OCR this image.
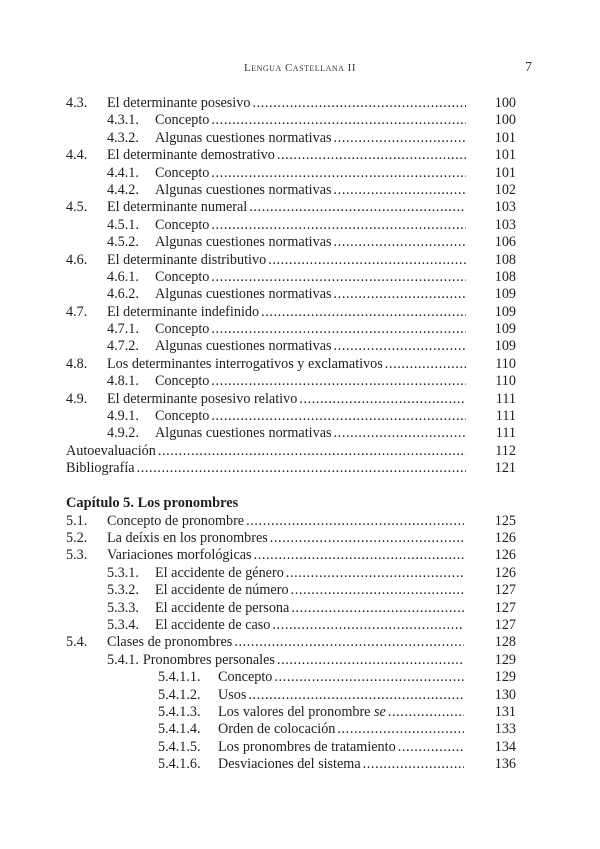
Lengua Castellana II	7
4.3.	El determinante posesivo .....	100
4.3.1.	Concepto .....	100
4.3.2.	Algunas cuestiones normativas .....	101
4.4.	El determinante demostrativo .....	101
4.4.1.	Concepto .....	101
4.4.2.	Algunas cuestiones normativas .....	102
4.5.	El determinante numeral .....	103
4.5.1.	Concepto .....	103
4.5.2.	Algunas cuestiones normativas .....	106
4.6.	El determinante distributivo .....	108
4.6.1.	Concepto .....	108
4.6.2.	Algunas cuestiones normativas .....	109
4.7.	El determinante indefinido .....	109
4.7.1.	Concepto .....	109
4.7.2.	Algunas cuestiones normativas .....	109
4.8.	Los determinantes interrogativos y exclamativos .....	110
4.8.1.	Concepto .....	110
4.9.	El determinante posesivo relativo .....	111
4.9.1.	Concepto .....	111
4.9.2.	Algunas cuestiones normativas .....	111
Autoevaluación .....	112
Bibliografía .....	121
Capítulo 5. Los pronombres
5.1.	Concepto de pronombre .....	125
5.2.	La deíxis en los pronombres .....	126
5.3.	Variaciones morfológicas .....	126
5.3.1.	El accidente de género .....	126
5.3.2.	El accidente de número .....	127
5.3.3.	El accidente de persona .....	127
5.3.4.	El accidente de caso .....	127
5.4.	Clases de pronombres .....	128
5.4.1. Pronombres personales .....	129
5.4.1.1.	Concepto .....	129
5.4.1.2.	Usos .....	130
5.4.1.3.	Los valores del pronombre se .....	131
5.4.1.4.	Orden de colocación .....	133
5.4.1.5.	Los pronombres de tratamiento .....	134
5.4.1.6.	Desviaciones del sistema .....	136
